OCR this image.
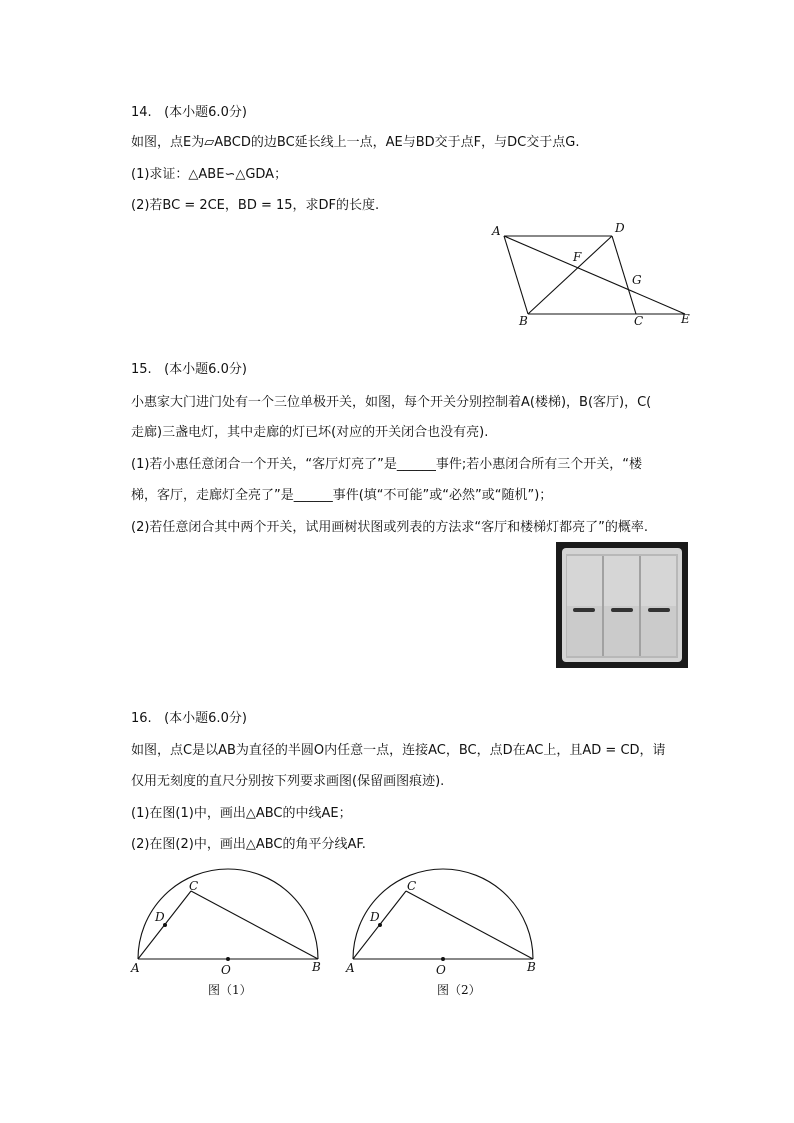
14. (本小题6.0分)
如图，点E为▱ABCD的边BC延长线上一点，AE与BD交于点F，与DC交于点G.
(1)求证：△ABE∽△GDA；
(2)若BC = 2CE，BD = 15，求DF的长度.
A	D
F
G
B	C	E
15. (本小题6.0分)
小惠家大门进门处有一个三位单极开关，如图，每个开关分别控制着A(楼梯)，B(客厅)，C(
走廊)三盏电灯，其中走廊的灯已坏(对应的开关闭合也没有亮).
(1)若小惠任意闭合一个开关，“客厅灯亮了”是______事件;若小惠闭合所有三个开关，“楼
梯，客厅，走廊灯全亮了”是______事件(填“不可能”或“必然”或“随机”)；
(2)若任意闭合其中两个开关，试用画树状图或列表的方法求“客厅和楼梯灯都亮了”的概率.
16. (本小题6.0分)
如图，点C是以AB为直径的半圆O内任意一点，连接AC，BC，点D在AC上，且AD = CD，请
仅用无刻度的直尺分别按下列要求画图(保留画图痕迹).
(1)在图(1)中，画出△ABC的中线AE；
(2)在图(2)中，画出△ABC的角平分线AF.
A	B
C
D
O
图（1）
A	B
C
D
O
图（2）
